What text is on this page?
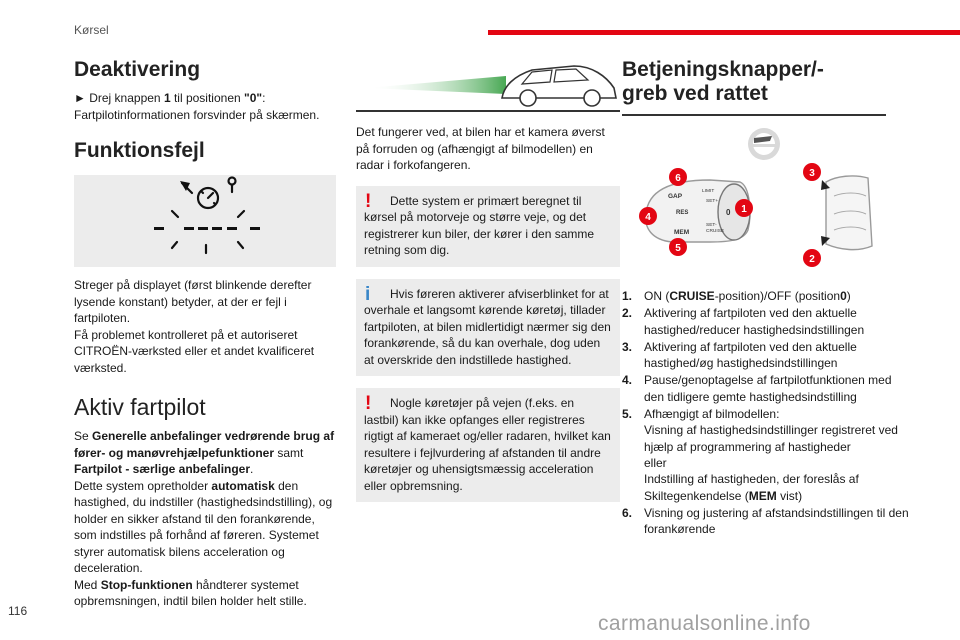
Kørsel
Deaktivering

► Drej knappen 1 til positionen "0":
Fartpilotinformationen forsvinder på skærmen.

Funktionsfejl

Streger på displayet (først blinkende derefter lysende konstant) betyder, at der er fejl i fartpiloten.

Få problemet kontrolleret på et autoriseret CITROËN-værksted eller et andet kvalificeret værksted.

Aktiv fartpilot

Se Generelle anbefalinger vedrørende brug af fører- og manøvrehjælpefunktioner samt Fartpilot - særlige anbefalinger.

Dette system opretholder automatisk den hastighed, du indstiller (hastighedsindstilling), og holder en sikker afstand til den forankørende, som indstilles på forhånd af føreren. Systemet styrer automatisk bilens acceleration og deceleration.

Med Stop-funktionen håndterer systemet opbremsningen, indtil bilen holder helt stille.

Det fungerer ved, at bilen har et kamera øverst på forruden og (afhængigt af bilmodellen) en radar i forkofangeren.

!	Dette system er primært beregnet til kørsel på motorveje og større veje, og det registrerer kun biler, der kører i den samme retning som dig.
i	Hvis føreren aktiverer afviserblinket for at overhale et langsomt kørende køretøj, tillader fartpiloten, at bilen midlertidigt nærmer sig den forankørende, så du kan overhale, dog uden at overskride den indstillede hastighed.
!	Nogle køretøjer på vejen (f.eks. en lastbil) kan ikke opfanges eller registreres rigtigt af kameraet og/eller radaren, hvilket kan resultere i fejlvurdering af afstanden til andre køretøjer og uhensigtsmæssig acceleration eller opbremsning.
Betjeningsknapper/-greb ved rattet
GAP
RES
MEM
LIMIT
SET+
SET-
CRUISE
0 1
2
3
4
5
6
1. ON (CRUISE-position)/OFF (position0)
2. Aktivering af fartpiloten ved den aktuelle hastighed/reducer hastighedsindstillingen
3. Aktivering af fartpiloten ved den aktuelle hastighed/øg hastighedsindstillingen
4. Pause/genoptagelse af fartpilotfunktionen med den tidligere gemte hastighedsindstilling
5. Afhængigt af bilmodellen:
Visning af hastighedsindstillinger registreret ved hjælp af programmering af hastigheder
eller
Indstilling af hastigheden, der foreslås af Skiltegenkendelse (MEM vist)
6. Visning og justering af afstandsindstillingen til den forankørende
116
carmanualsonline.info
